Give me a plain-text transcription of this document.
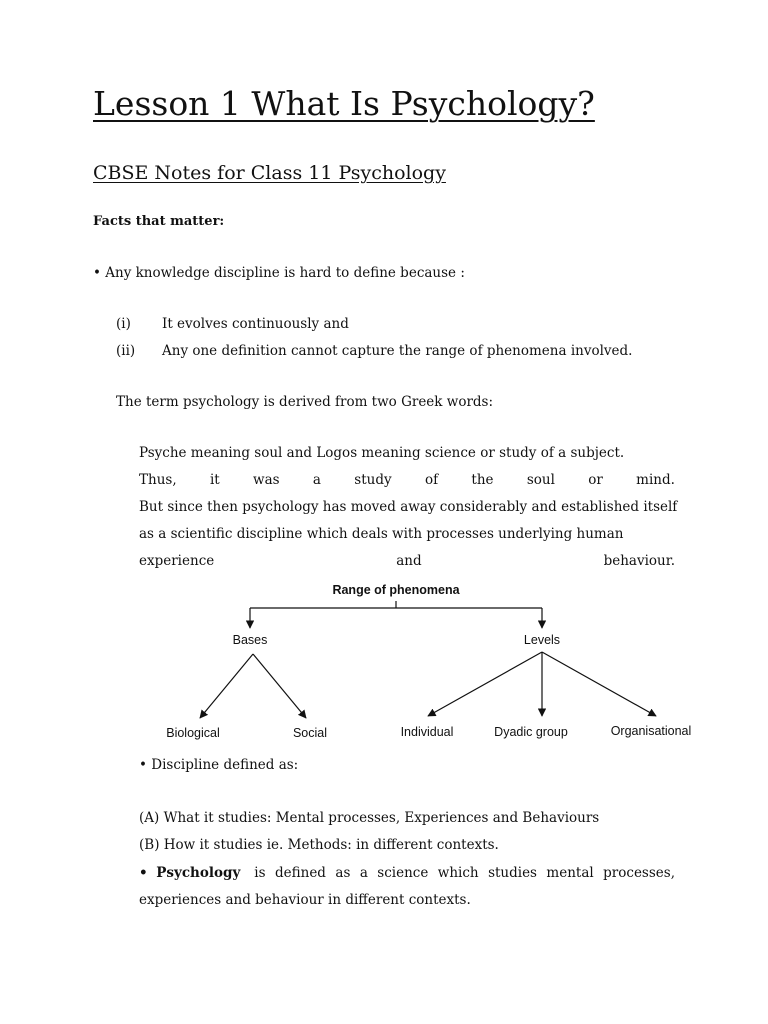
Lesson 1 What Is Psychology?
CBSE Notes for Class 11 Psychology
Facts that matter:
• Any knowledge discipline is hard to define because :
(i) It evolves continuously and
(ii) Any one definition cannot capture the range of phenomena involved.
The term psychology is derived from two Greek words:
Psyche meaning soul and Logos meaning science or study of a subject.
Thus, it was a study of the soul or mind.
But since then psychology has moved away considerably and established itself
as a scientific discipline which deals with processes underlying human
experience	and	behaviour.
Range of phenomena
Bases	Levels
Biological	Social	Individual	Dyadic group	Organisational
• Discipline defined as:
(A) What it studies: Mental processes, Experiences and Behaviours
(B) How it studies ie. Methods: in different contexts.
• Psychology is defined as a science which studies mental processes,
experiences and behaviour in different contexts.
